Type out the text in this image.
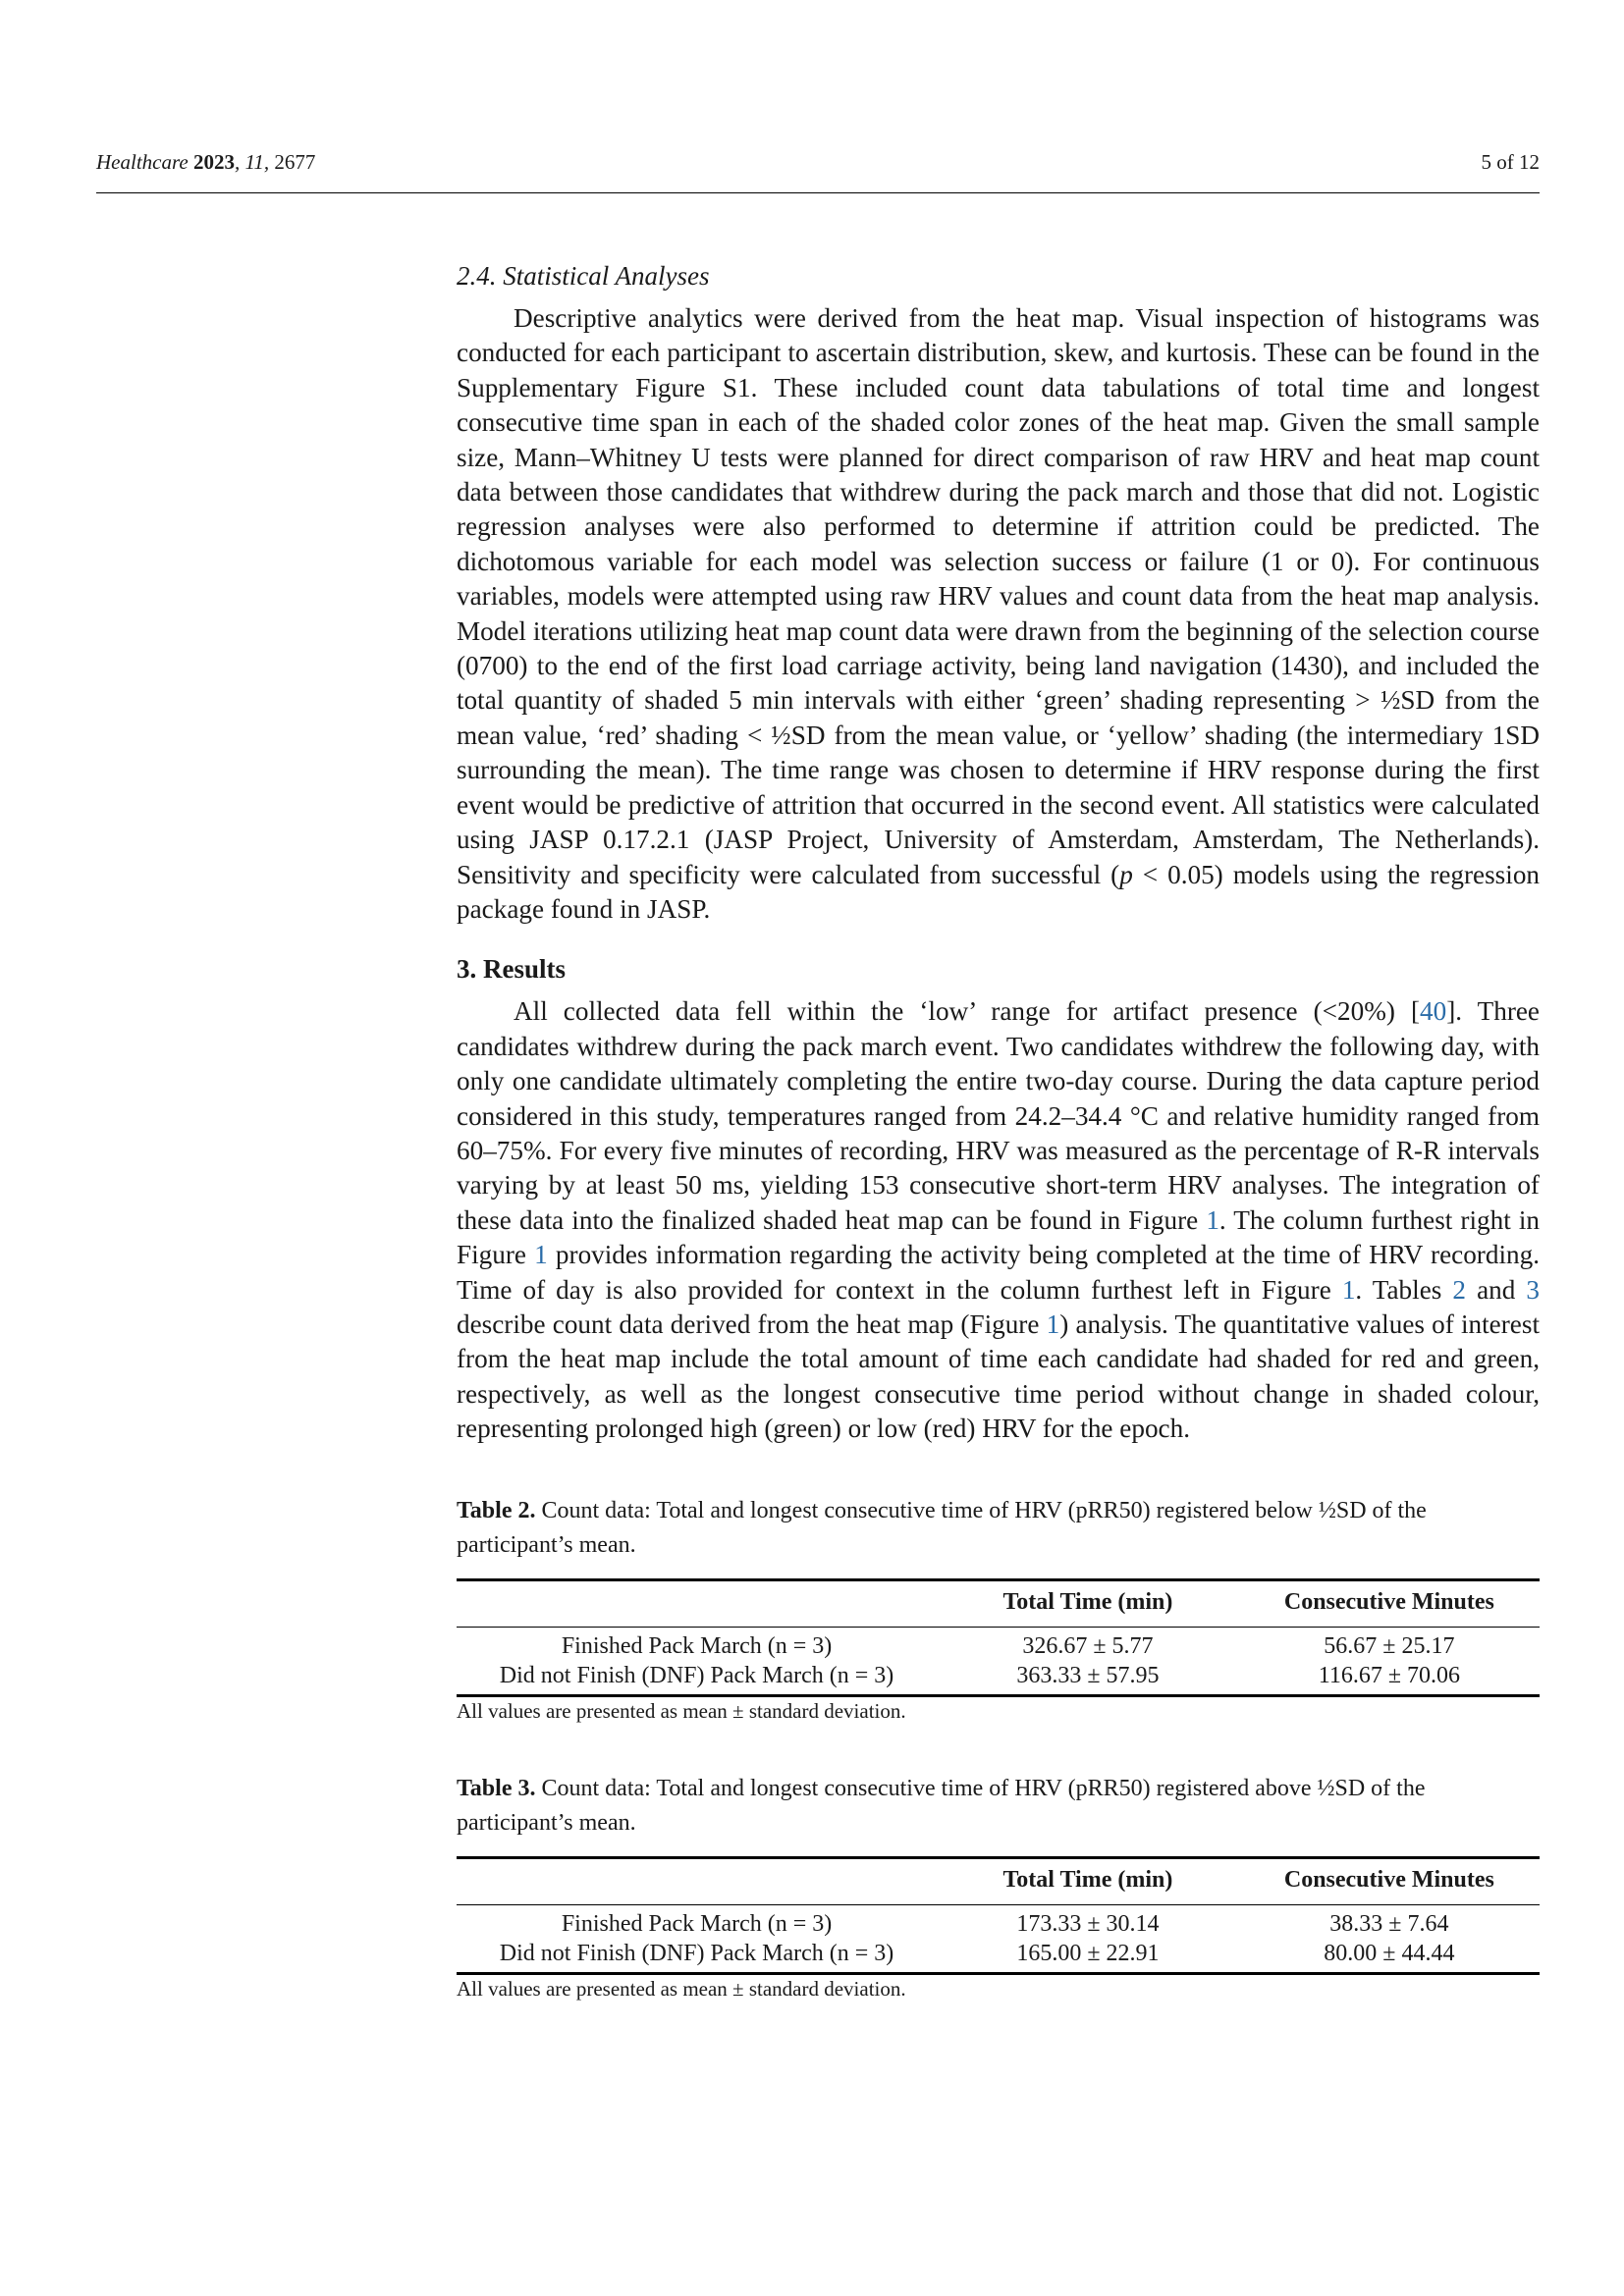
Healthcare 2023, 11, 2677	5 of 12
2.4. Statistical Analyses

Descriptive analytics were derived from the heat map. Visual inspection of histograms was conducted for each participant to ascertain distribution, skew, and kurtosis. These can be found in the Supplementary Figure S1. These included count data tabulations of total time and longest consecutive time span in each of the shaded color zones of the heat map. Given the small sample size, Mann–Whitney U tests were planned for direct comparison of raw HRV and heat map count data between those candidates that withdrew during the pack march and those that did not. Logistic regression analyses were also performed to determine if attrition could be predicted. The dichotomous variable for each model was selection success or failure (1 or 0). For continuous variables, models were attempted using raw HRV values and count data from the heat map analysis. Model iterations utilizing heat map count data were drawn from the beginning of the selection course (0700) to the end of the first load carriage activity, being land navigation (1430), and included the total quantity of shaded 5 min intervals with either ‘green’ shading representing > ½SD from the mean value, ‘red’ shading < ½SD from the mean value, or ‘yellow’ shading (the intermediary 1SD surrounding the mean). The time range was chosen to determine if HRV response during the first event would be predictive of attrition that occurred in the second event. All statistics were calculated using JASP 0.17.2.1 (JASP Project, University of Amsterdam, Amsterdam, The Netherlands). Sensitivity and specificity were calculated from successful (p < 0.05) models using the regression package found in JASP.

3. Results

All collected data fell within the ‘low’ range for artifact presence (<20%) [40]. Three candidates withdrew during the pack march event. Two candidates withdrew the following day, with only one candidate ultimately completing the entire two-day course. During the data capture period considered in this study, temperatures ranged from 24.2–34.4 °C and relative humidity ranged from 60–75%. For every five minutes of recording, HRV was measured as the percentage of R-R intervals varying by at least 50 ms, yielding 153 consecutive short-term HRV analyses. The integration of these data into the finalized shaded heat map can be found in Figure 1. The column furthest right in Figure 1 provides information regarding the activity being completed at the time of HRV recording. Time of day is also provided for context in the column furthest left in Figure 1. Tables 2 and 3 describe count data derived from the heat map (Figure 1) analysis. The quantitative values of interest from the heat map include the total amount of time each candidate had shaded for red and green, respectively, as well as the longest consecutive time period without change in shaded colour, representing prolonged high (green) or low (red) HRV for the epoch.

Table 2. Count data: Total and longest consecutive time of HRV (pRR50) registered below ½SD of the participant’s mean.

	Total Time (min)	Consecutive Minutes
Finished Pack March (n = 3)	326.67 ± 5.77	56.67 ± 25.17
Did not Finish (DNF) Pack March (n = 3)	363.33 ± 57.95	116.67 ± 70.06

All values are presented as mean ± standard deviation.

Table 3. Count data: Total and longest consecutive time of HRV (pRR50) registered above ½SD of the participant’s mean.

	Total Time (min)	Consecutive Minutes
Finished Pack March (n = 3)	173.33 ± 30.14	38.33 ± 7.64
Did not Finish (DNF) Pack March (n = 3)	165.00 ± 22.91	80.00 ± 44.44

All values are presented as mean ± standard deviation.
